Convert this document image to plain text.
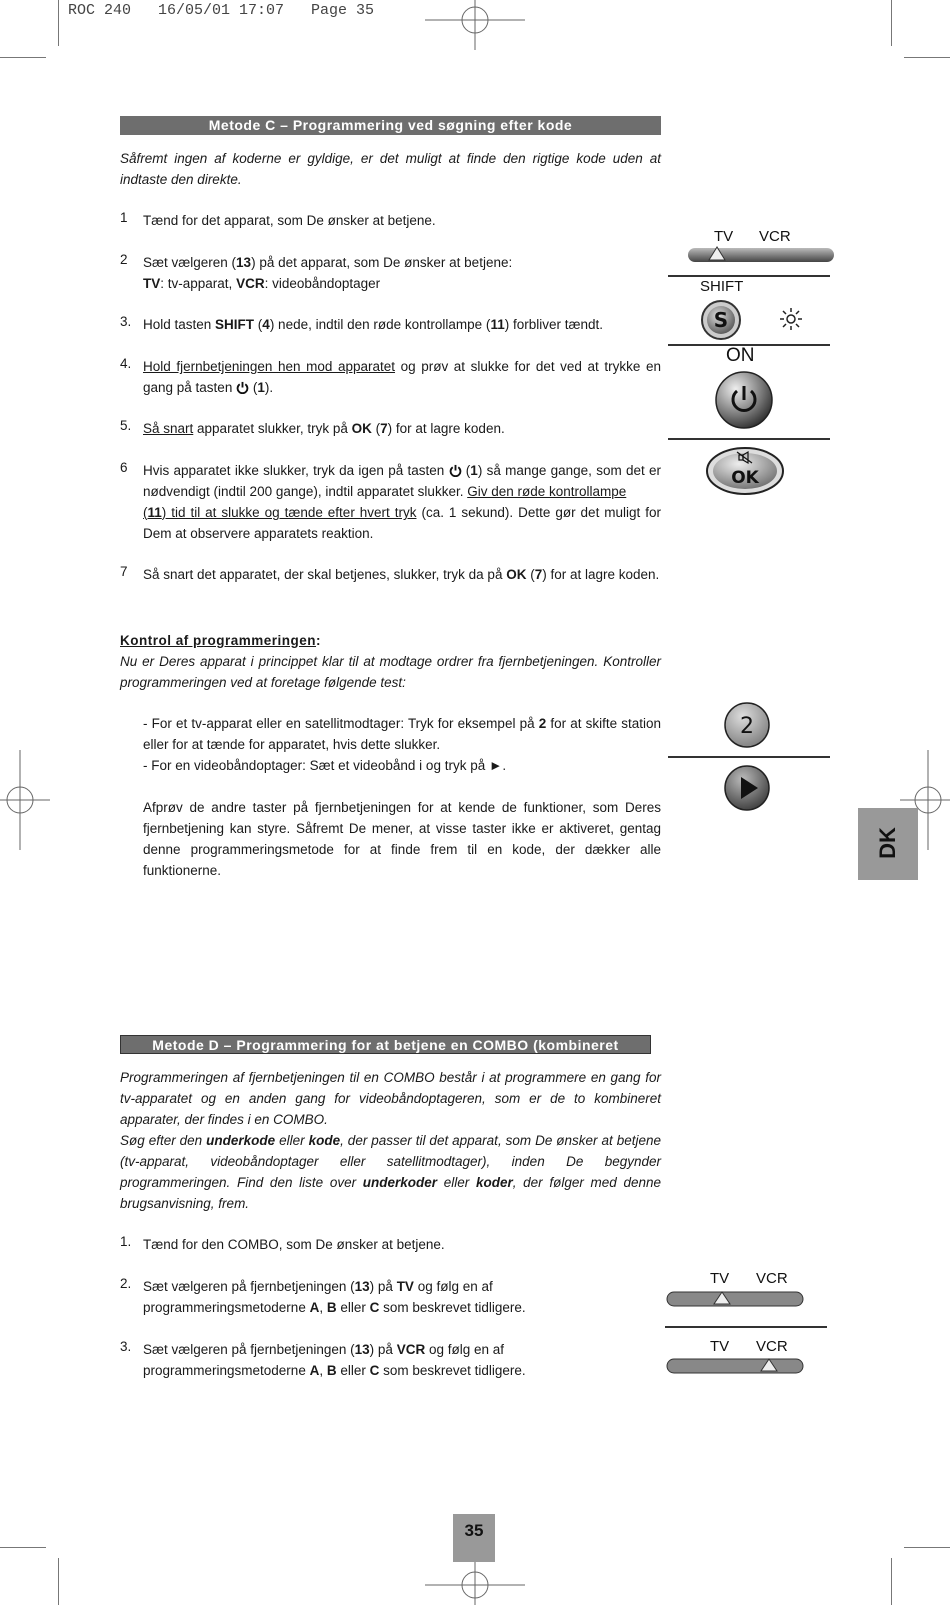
ROC 240   16/05/01 17:07   Page 35
Metode C – Programmering ved søgning efter kode
Såfremt ingen af koderne er gyldige, er det muligt at finde den rigtige kode uden at indtaste den direkte.
1 Tænd for det apparat, som De ønsker at betjene.
2 Sæt vælgeren (13) på det apparat, som De ønsker at betjene:
TV: tv-apparat, VCR: videobåndoptager
3. Hold tasten SHIFT (4) nede, indtil den røde kontrollampe (11) forbliver tændt.
4. Hold fjernbetjeningen hen mod apparatet og prøv at slukke for det ved at trykke en gang på tasten  (1).
5. Så snart apparatet slukker, tryk på OK (7) for at lagre koden.
6 Hvis apparatet ikke slukker, tryk da igen på tasten  (1) så mange gange, som det er nødvendigt (indtil 200 gange), indtil apparatet slukker. Giv den røde kontrollampe
(11) tid til at slukke og tænde efter hvert tryk (ca. 1 sekund). Dette gør det muligt for Dem at observere apparatets reaktion.
7 Så snart det apparatet, der skal betjenes, slukker, tryk da på OK (7) for at lagre koden.
Kontrol af programmeringen:
Nu er Deres apparat i princippet klar til at modtage ordrer fra fjernbetjeningen. Kontroller programmeringen ved at foretage følgende test:
- For et tv-apparat eller en satellitmodtager: Tryk for eksempel på 2 for at skifte station eller for at tænde for apparatet, hvis dette slukker.
- For en videobåndoptager: Sæt et videobånd i og tryk på ►.
Afprøv de andre taster på fjernbetjeningen for at kende de funktioner, som Deres fjernbetjening kan styre. Såfremt De mener, at visse taster ikke er aktiveret, gentag denne programmeringsmetode for at finde frem til en kode, der dækker alle funktionerne.
Metode D – Programmering for at betjene en COMBO (kombineret TV/VCR)
Programmeringen af fjernbetjeningen til en COMBO består i at programmere en gang for tv-apparatet og en anden gang for videobåndoptageren, som er de to kombineret apparater, der findes i en COMBO.
Søg efter den underkode eller kode, der passer til det apparat, som De ønsker at betjene (tv-apparat, videobåndoptager eller satellitmodtager), inden De begynder programmeringen. Find den liste over underkoder eller koder, der følger med denne brugsanvisning, frem.
1. Tænd for den COMBO, som De ønsker at betjene.
2. Sæt vælgeren på fjernbetjeningen (13) på TV og følg en af
programmeringsmetoderne A, B eller C som beskrevet tidligere.
3. Sæt vælgeren på fjernbetjeningen (13) på VCR og følg en af
programmeringsmetoderne A, B eller C som beskrevet tidligere.
TV VCR
SHIFT
S
ON
OK
2
TV VCR
TV VCR
DK
35
